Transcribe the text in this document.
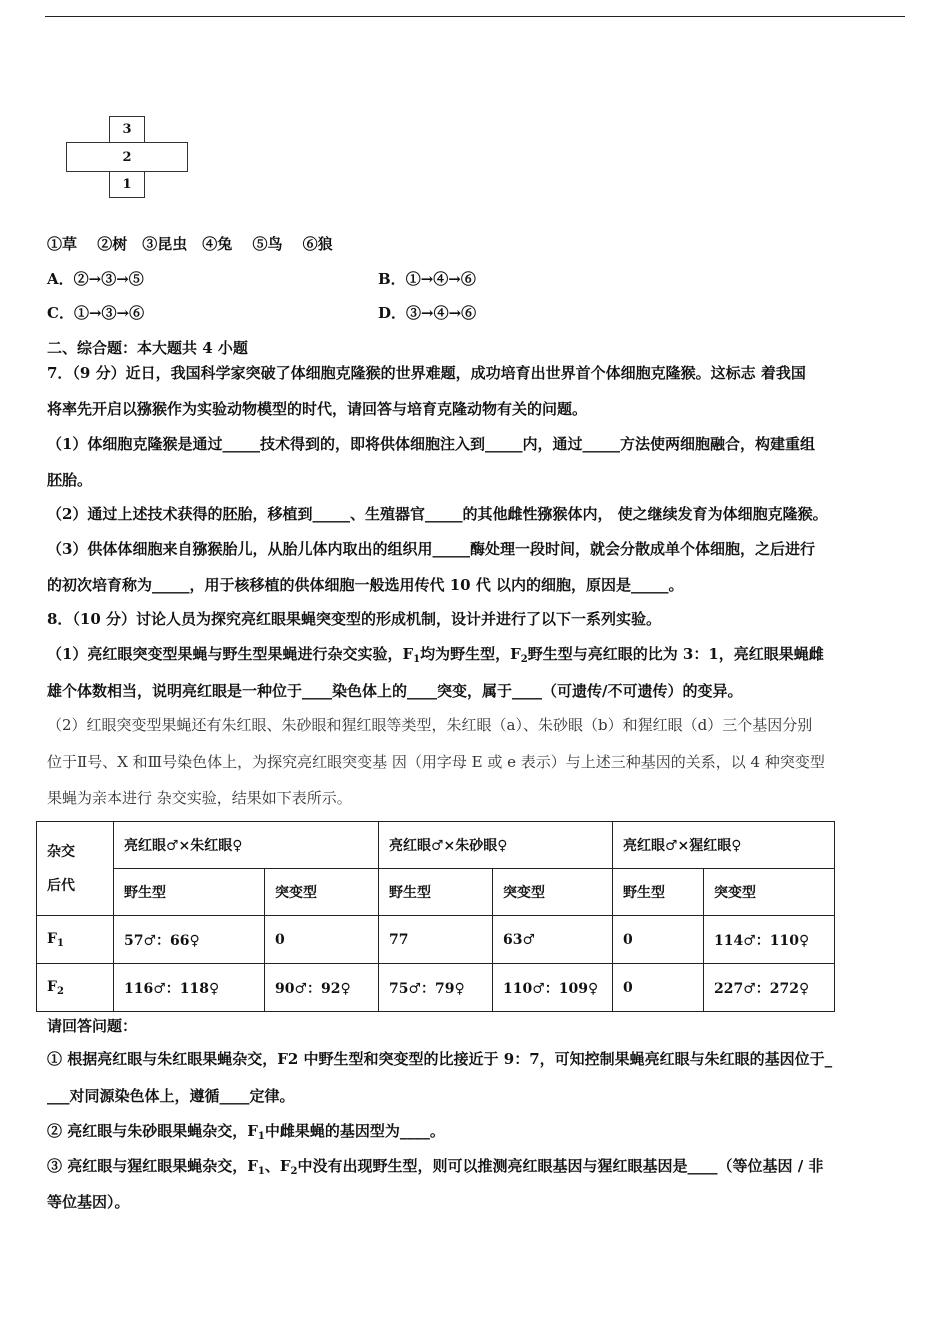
3
2
1
①草　 ②树　③昆虫　④兔　 ⑤鸟　 ⑥狼
A．②→③→⑤	B．①→④→⑥
C．①→③→⑥	D．③→④→⑥
二、综合题：本大题共 4 小题
7．（9 分）近日，我国科学家突破了体细胞克隆猴的世界难题，成功培育出世界首个体细胞克隆猴。这标志 着我国
将率先开启以猕猴作为实验动物模型的时代，请回答与培育克隆动物有关的问题。
（1）体细胞克隆猴是通过_____技术得到的，即将供体细胞注入到_____内，通过_____方法使两细胞融合，构建重组
胚胎。
（2）通过上述技术获得的胚胎，移植到_____、生殖器官_____的其他雌性猕猴体内， 使之继续发育为体细胞克隆猴。
（3）供体体细胞来自猕猴胎儿，从胎儿体内取出的组织用_____酶处理一段时间，就会分散成单个体细胞，之后进行
的初次培育称为_____，用于核移植的供体细胞一般选用传代 10 代 以内的细胞，原因是_____。
8．（10 分）讨论人员为探究亮红眼果蝇突变型的形成机制，设计并进行了以下一系列实验。
（1）亮红眼突变型果蝇与野生型果蝇进行杂交实验，$F_1$均为野生型，$F_2$野生型与亮红眼的比为 3：1，亮红眼果蝇雌
雄个体数相当，说明亮红眼是一种位于____染色体上的____突变，属于____（可遗传/不可遗传）的变异。
（2）红眼突变型果蝇还有朱红眼、朱砂眼和猩红眼等类型，朱红眼（a）、朱砂眼（b）和猩红眼（d）三个基因分别
位于Ⅱ号、X 和Ⅲ号染色体上，为探究亮红眼突变基 因（用字母 E 或 e 表示）与上述三种基因的关系，以 4 种突变型
果蝇为亲本进行 杂交实验，结果如下表所示。
杂交
后代	亮红眼♂×朱红眼♀		亮红眼♂×朱砂眼♀		亮红眼♂×猩红眼♀	
	野生型	突变型	野生型	突变型	野生型	突变型
$F_1$	57♂：66♀	0	77	63♂	0	114♂：110♀
$F_2$	116♂：118♀	90♂：92♀	75♂：79♀	110♂：109♀	0	227♂：272♀
请回答问题：
① 根据亮红眼与朱红眼果蝇杂交，F2 中野生型和突变型的比接近于 9：7，可知控制果蝇亮红眼与朱红眼的基因位于_
___对同源染色体上，遵循____定律。
② 亮红眼与朱砂眼果蝇杂交，$F_1$中雌果蝇的基因型为____。
③ 亮红眼与猩红眼果蝇杂交，$F_1$、$F_2$中没有出现野生型，则可以推测亮红眼基因与猩红眼基因是____（等位基因 / 非
等位基因）。
